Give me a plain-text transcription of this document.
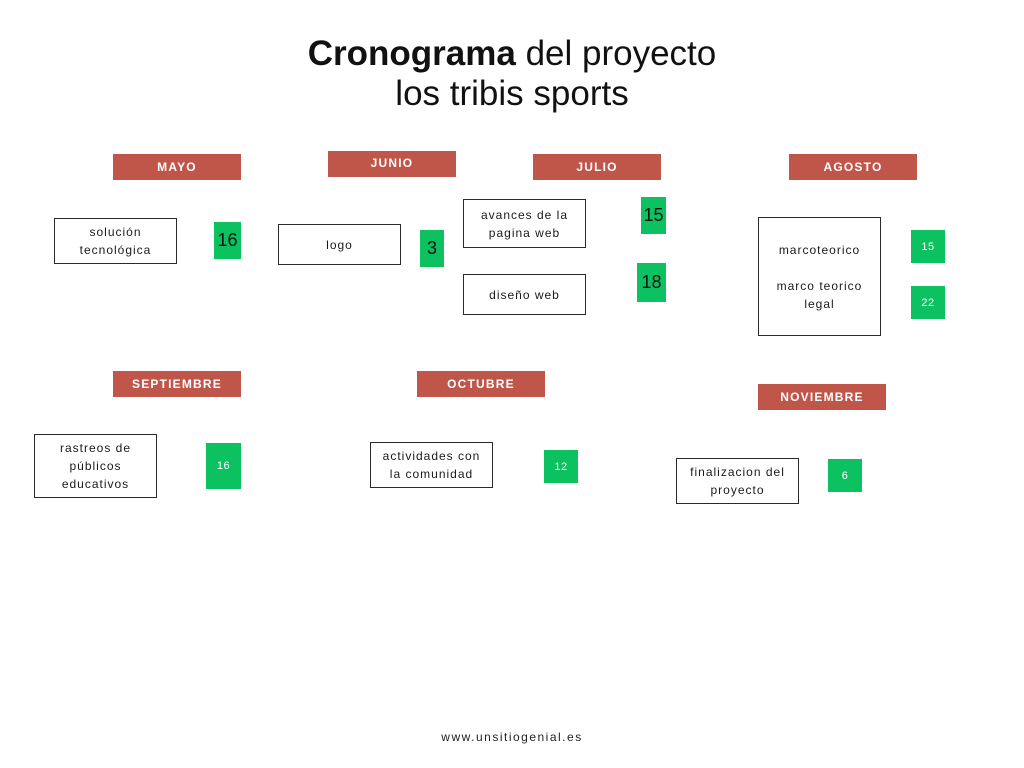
Cronograma del proyecto
los tribis sports
MAYO	JUNIO	JULIO	AGOSTO
SEPTIEMBRE	OCTUBRE
NOVIEMBRE
solución tecnológica	16	logo	3
avances de la pagina web
15
diseño web
18
marcoteorico
marco teorico legal
15
22
rastreos de públicos educativos
16
actividades con la comunidad
12	finalizacion del proyecto
6
www.unsitiogenial.es
